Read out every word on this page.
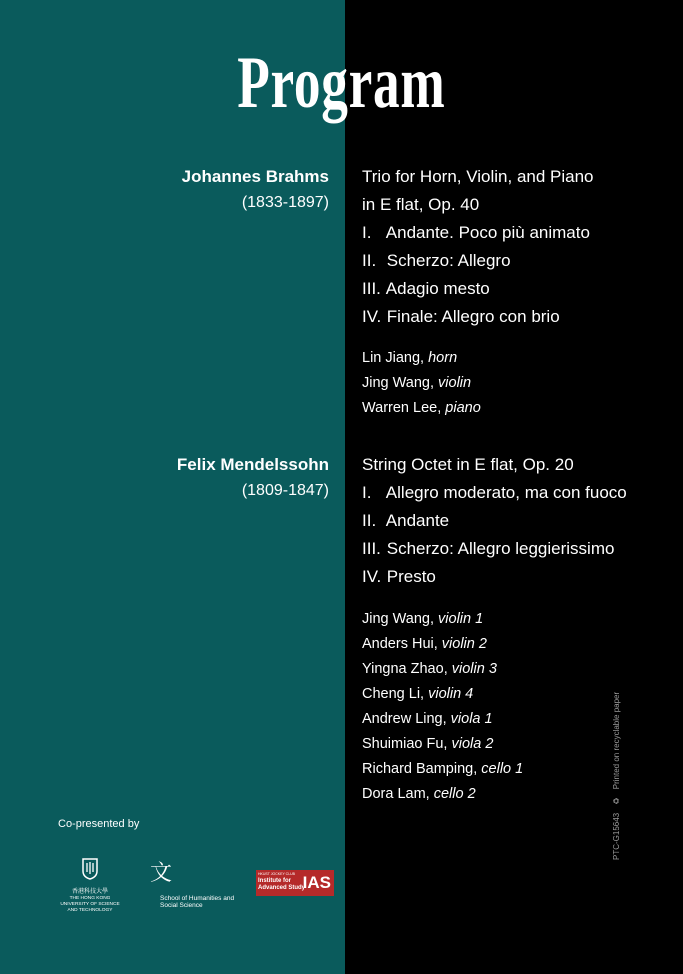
Program
Johannes Brahms
(1833-1897)
Trio for Horn, Violin, and Piano
in E flat, Op. 40
I. Andante. Poco più animato
II. Scherzo: Allegro
III. Adagio mesto
IV. Finale: Allegro con brio
Lin Jiang, horn
Jing Wang, violin
Warren Lee, piano
Felix Mendelssohn
(1809-1847)
String Octet in E flat, Op. 20
I. Allegro moderato, ma con fuoco
II. Andante
III. Scherzo: Allegro leggierissimo
IV. Presto
Jing Wang, violin 1
Anders Hui, violin 2
Yingna Zhao, violin 3
Cheng Li, violin 4
Andrew Ling, viola 1
Shuimiao Fu, viola 2
Richard Bamping, cello 1
Dora Lam, cello 2
Co-presented by
香港科技大學
THE HONG KONG
UNIVERSITY OF SCIENCE
AND TECHNOLOGY
文
School of Humanities and
Social Science
HKUST JOCKEY CLUB
Institute for
Advanced Study
IAS
PTC-G15643 ♻ Printed on recyclable paper
